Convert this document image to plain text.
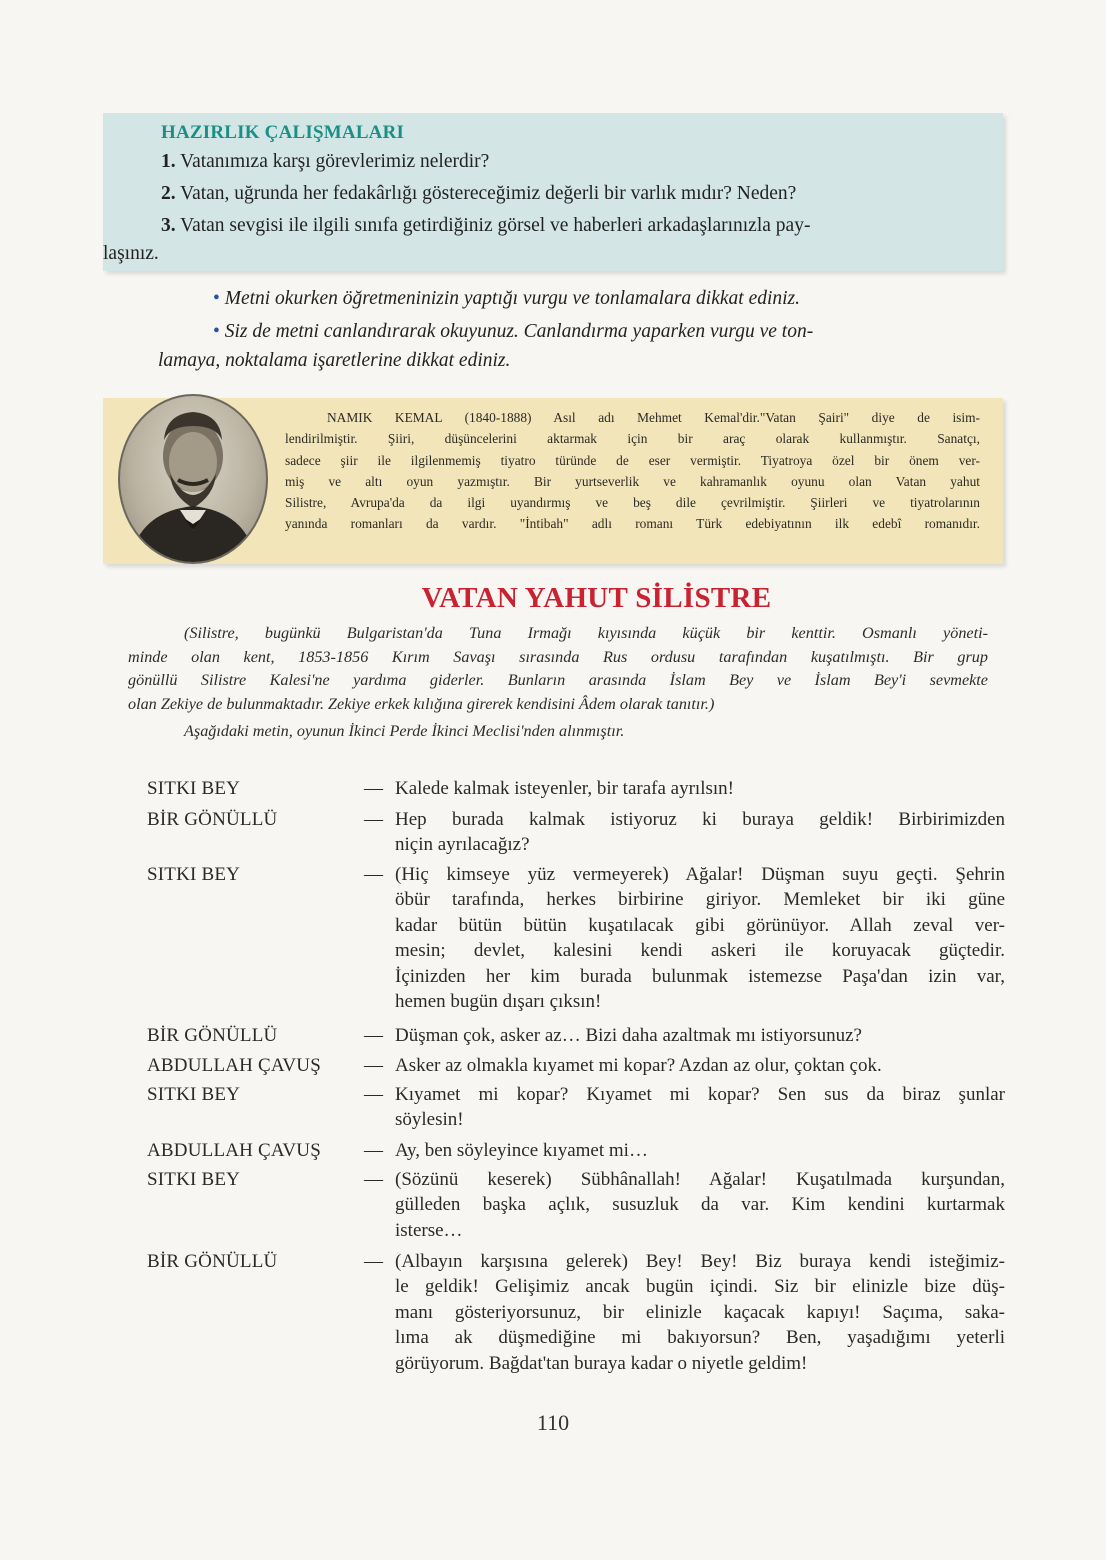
HAZIRLIK ÇALIŞMALARI
1. Vatanımıza karşı görevlerimiz nelerdir?
2. Vatan, uğrunda her fedakârlığı göstereceğimiz değerli bir varlık mıdır? Neden?
3. Vatan sevgisi ile ilgili sınıfa getirdiğiniz görsel ve haberleri arkadaşlarınızla pay-
laşınız.
• Metni okurken öğretmeninizin yaptığı vurgu ve tonlamalara dikkat ediniz.
• Siz de metni canlandırarak okuyunuz. Canlandırma yaparken vurgu ve ton-
lamaya, noktalama işaretlerine dikkat ediniz.
NAMIK KEMAL (1840-1888) Asıl adı Mehmet Kemal'dir."Vatan Şairi" diye de isim-
lendirilmiştir. Şiiri, düşüncelerini aktarmak için bir araç olarak kullanmıştır. Sanatçı,
sadece şiir ile ilgilenmemiş tiyatro türünde de eser vermiştir. Tiyatroya özel bir önem ver-
miş ve altı oyun yazmıştır. Bir yurtseverlik ve kahramanlık oyunu olan Vatan yahut
Silistre, Avrupa'da da ilgi uyandırmış ve beş dile çevrilmiştir. Şiirleri ve tiyatrolarının
yanında romanları da vardır. "İntibah" adlı romanı Türk edebiyatının ilk edebî romanıdır.
VATAN YAHUT SİLİSTRE
(Silistre, bugünkü Bulgaristan'da Tuna Irmağı kıyısında küçük bir kenttir. Osmanlı yöneti-
minde olan kent, 1853-1856 Kırım Savaşı sırasında Rus ordusu tarafından kuşatılmıştı. Bir grup
gönüllü Silistre Kalesi'ne yardıma giderler. Bunların arasında İslam Bey ve İslam Bey'i sevmekte
olan Zekiye de bulunmaktadır. Zekiye erkek kılığına girerek kendisini Âdem olarak tanıtır.)
Aşağıdaki metin, oyunun İkinci Perde İkinci Meclisi'nden alınmıştır.
SITKI BEY	— Kalede kalmak isteyenler, bir tarafa ayrılsın!
BİR GÖNÜLLÜ	— Hep burada kalmak istiyoruz ki buraya geldik! Birbirimizden
niçin ayrılacağız?
SITKI BEY	— (Hiç kimseye yüz vermeyerek) Ağalar! Düşman suyu geçti. Şehrin
öbür tarafında, herkes birbirine giriyor. Memleket bir iki güne
kadar bütün bütün kuşatılacak gibi görünüyor. Allah zeval ver-
mesin; devlet, kalesini kendi askeri ile koruyacak güçtedir.
İçinizden her kim burada bulunmak istemezse Paşa'dan izin var,
hemen bugün dışarı çıksın!
BİR GÖNÜLLÜ	— Düşman çok, asker az… Bizi daha azaltmak mı istiyorsunuz?
ABDULLAH ÇAVUŞ — Asker az olmakla kıyamet mi kopar? Azdan az olur, çoktan çok.
SITKI BEY	— Kıyamet mi kopar? Kıyamet mi kopar? Sen sus da biraz şunlar
söylesin!
ABDULLAH ÇAVUŞ — Ay, ben söyleyince kıyamet mi…
SITKI BEY	— (Sözünü keserek) Sübhânallah! Ağalar! Kuşatılmada kurşundan,
gülleden başka açlık, susuzluk da var. Kim kendini kurtarmak
isterse…
BİR GÖNÜLLÜ	— (Albayın karşısına gelerek) Bey! Bey! Biz buraya kendi isteğimiz-
le geldik! Gelişimiz ancak bugün içindi. Siz bir elinizle bize düş-
manı gösteriyorsunuz, bir elinizle kaçacak kapıyı! Saçıma, saka-
lıma ak düşmediğine mi bakıyorsun? Ben, yaşadığımı yeterli
görüyorum. Bağdat'tan buraya kadar o niyetle geldim!
110
